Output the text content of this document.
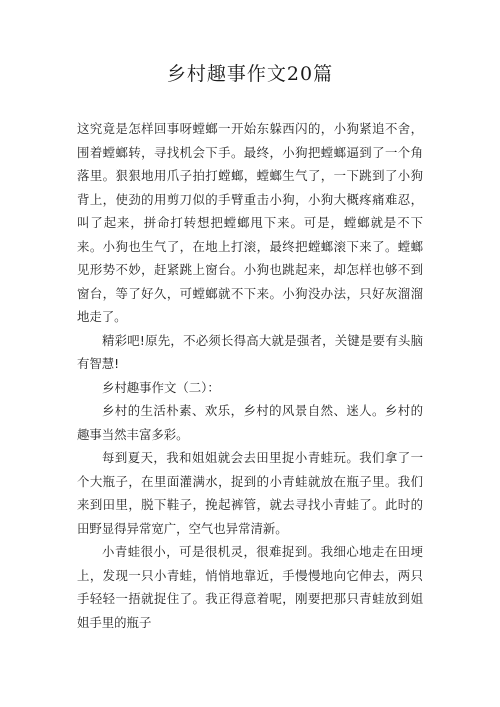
乡村趣事作文20篇

这究竟是怎样回事呀螳螂一开始东躲西闪的，小狗紧追不舍，围着螳螂转，寻找机会下手。最终，小狗把螳螂逼到了一个角落里。狠狠地用爪子拍打螳螂，螳螂生气了，一下跳到了小狗背上，使劲的用剪刀似的手臂重击小狗，小狗大概疼痛难忍，叫了起来，拼命打转想把螳螂甩下来。可是，螳螂就是不下来。小狗也生气了，在地上打滚，最终把螳螂滚下来了。螳螂见形势不妙，赶紧跳上窗台。小狗也跳起来，却怎样也够不到窗台，等了好久，可螳螂就不下来。小狗没办法，只好灰溜溜地走了。

精彩吧!原先，不必须长得高大就是强者，关键是要有头脑有智慧!

乡村趣事作文（二）：

乡村的生活朴素、欢乐，乡村的风景自然、迷人。乡村的趣事当然丰富多彩。

每到夏天，我和姐姐就会去田里捉小青蛙玩。我们拿了一个大瓶子，在里面灌满水，捉到的小青蛙就放在瓶子里。我们来到田里，脱下鞋子，挽起裤管，就去寻找小青蛙了。此时的田野显得异常宽广，空气也异常清新。

小青蛙很小，可是很机灵，很难捉到。我细心地走在田埂上，发现一只小青蛙，悄悄地靠近，手慢慢地向它伸去，两只手轻轻一捂就捉住了。我正得意着呢，刚要把那只青蛙放到姐姐手里的瓶子
